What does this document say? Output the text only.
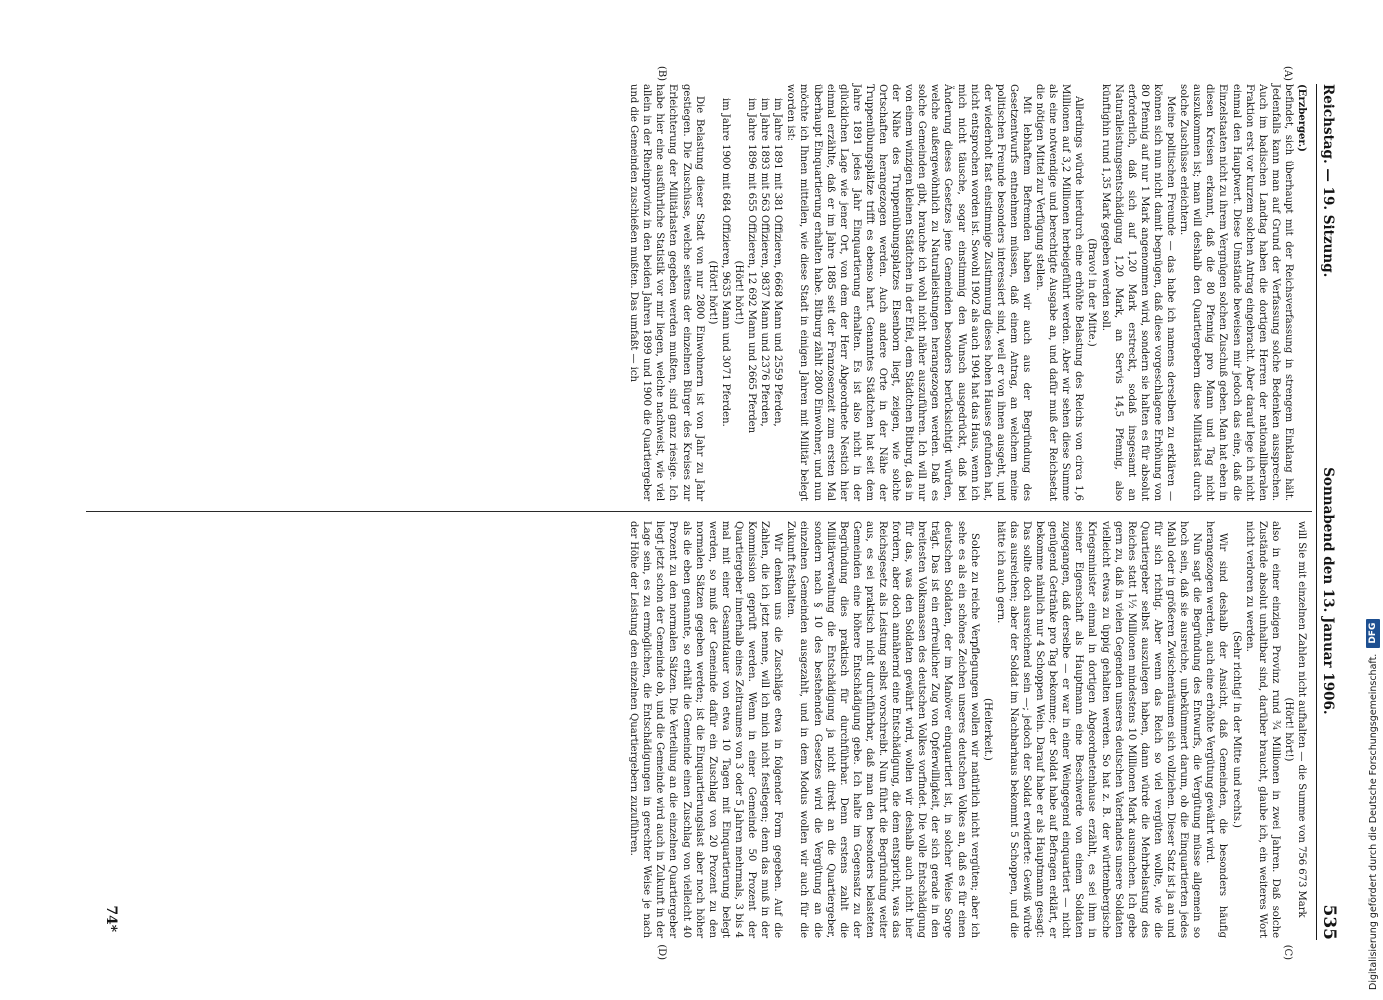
Reichstag. — 19. Sitzung.
Sonnabend den 13. Januar 1906.
535
(A)
(B)

(Erzberger.)

befindet, sich überhaupt mit der Reichsverfassung in strengem Einklang hält. Jedenfalls kann man auf Grund der Verfassung solche Bedenken aussprechen. Auch im badischen Landtag haben die dortigen Herren der nationalliberalen Fraktion erst vor kurzem solchen Antrag eingebracht. Aber darauf lege ich nicht einmal den Hauptwert. Diese Umstände beweisen mir jedoch das eine, daß die Einzelstaaten nicht zu ihrem Vergnügen solchen Zuschuß geben. Man hat eben in diesen Kreisen erkannt, daß die 80 Pfennig pro Mann und Tag nicht auszukommen ist; man will deshalb den Quartiergebern diese Militärlast durch solche Zuschüsse erleichtern.

Meine politischen Freunde — das habe ich namens derselben zu erklären — können sich nun nicht damit begnügen, daß diese vorgeschlagene Erhöhung von 80 Pfennig auf nur 1 Mark angenommen wird, sondern sie halten es für absolut erforderlich, daß sich auf 1,20 Mark erstreckt, sodaß insgesamt an Naturalleistungsentschädigung 1,20 Mark, an Servis 14,5 Pfennig, also künftighin rund 1,35 Mark gegeben werden soll.

(Bravo! in der Mitte.)

Allerdings würde hierdurch eine erhöhte Belastung des Reichs von circa 1,6 Millionen auf 3,2 Millionen herbeigeführt werden. Aber wir sehen diese Summe als eine notwendige und berechtigte Ausgabe an, und dafür muß der Reichsetat die nötigen Mittel zur Verfügung stellen.

Mit lebhaftem Befremden haben wir auch aus der Begründung des Gesetzentwurfs entnehmen müssen, daß einem Antrag, an welchem meine politischen Freunde besonders interessiert sind, weil er von ihnen ausgeht, und der wiederholt fast einstimmige Zustimmung dieses hohen Hauses gefunden hat, nicht entsprochen worden ist. Sowohl 1902 als auch 1904 hat das Haus, wenn ich mich nicht täusche, sogar einstimmig den Wunsch ausgedrückt, daß bei Änderung dieses Gesetzes jene Gemeinden besonders berücksichtigt würden, welche außergewöhnlich zu Naturalleistungen herangezogen werden. Daß es solche Gemeinden gibt, brauche ich wohl nicht näher auszuführen. Ich will nur von einem winzigen kleinen Städtchen in der Eifel, dem Städtchen Bitburg, das in der Nähe des Truppenübungsplatzes Elsenborn liegt, zeigen, wie solche Ortschaften herangezogen werden. Auch andere Orte in der Nähe der Truppenübungsplätze trifft es ebenso hart. Genanntes Städtchen hat seit dem Jahre 1891 jedes Jahr Einquartierung erhalten. Es ist also nicht in der glücklichen Lage wie jener Ort, von dem der Herr Abgeordnete Nestich hier einmal erzählte, daß er im Jahre 1885 seit der Franzosenzeit zum ersten Mal überhaupt Einquartierung erhalten habe. Bitburg zählt 2800 Einwohner, und nun möchte ich Ihnen mitteilen, wie diese Stadt in einigen Jahren mit Militär belegt worden ist:

im Jahre 1891 mit 381 Offizieren, 6668 Mann und 2559 Pferden,

im Jahre 1893 mit 563 Offizieren, 9837 Mann und 2376 Pferden,

im Jahre 1896 mit 655 Offizieren, 12 692 Mann und 2665 Pferden

(Hört! hört!)

im Jahre 1900 mit 684 Offizieren, 9635 Mann und 3071 Pferden.

(Hört! hört!)

Die Belastung dieser Stadt von nur 2800 Einwohnern ist von Jahr zu Jahr gestiegen. Die Zuschüsse, welche seitens der einzelnen Bürger des Kreises zur Erleichterung der Militärlasten gegeben werden mußten, sind ganz riesige. Ich habe hier eine ausführliche Statistik vor mir liegen, welche nachweist, wie viel allein in der Rheinprovinz in den beiden Jahren 1899 und 1900 die Quartiergeber und die Gemeinden zuschießen mußten. Das umfaßt — ich

(C)
(D)

will Sie mit einzelnen Zahlen nicht aufhalten — die Summe von 756 673 Mark

(Hört! hört!)

also in einer einzigen Provinz rund ¾ Millionen in zwei Jahren. Daß solche Zustände absolut unhaltbar sind, darüber braucht, glaube ich, ein weiteres Wort nicht verloren zu werden.

(Sehr richtig! in der Mitte und rechts.)

Wir sind deshalb der Ansicht, daß Gemeinden, die besonders häufig herangezogen werden, auch eine erhöhte Vergütung gewährt wird.

Nun sagt die Begründung des Entwurfs, die Vergütung müsse allgemein so hoch sein, daß sie ausreiche, unbekümmert darum, ob die Einquartierten jedes Mahl oder in größeren Zwischenräumen sich vollziehen. Dieser Satz ist ja an und für sich richtig. Aber wenn das Reich so viel vergüten wollte, wie die Quartiergeber selbst auszulegen haben, dann würde die Mehrbelastung des Reiches statt 1½ Millionen mindestens 10 Millionen Mark ausmachen. Ich gebe gern zu, daß in vielen Gegenden unseres deutschen Vaterlandes unsere Soldaten vielleicht etwas zu üppig gehalten werden. So hat z. B. der württembergische Kriegsminister einmal in dortigen Abgeordnetenhause erzählt, es sei ihm in seiner Eigenschaft als Hauptmann eine Beschwerde von einem Soldaten zugegangen, daß derselbe — er war in einer Weingegend einquartiert — nicht genügend Getränke pro Tag bekomme; der Soldat habe auf Befragen erklärt, er bekomme nämlich nur 4 Schoppen Wein. Darauf habe er als Hauptmann gesagt: Das sollte doch ausreichend sein —; jedoch der Soldat erwiderte: Gewiß würde das ausreichen; aber der Soldat im Nachbarhaus bekommt 5 Schoppen, und die hätte ich auch gern.

(Heiterkeit.)

Solche zu reiche Verpflegungen wollen wir natürlich nicht vergüten; aber ich sehe es als ein schönes Zeichen unseres deutschen Volkes an, daß es für einen deutschen Soldaten, der im Manöver einquartiert ist, in solcher Weise Sorge trägt. Das ist ein erfreulicher Zug von Opferwilligkeit, der sich gerade in den breitesten Volksmassen des deutschen Volkes vorfindet. Die volle Entschädigung für das, was den Soldaten gewährt wird, wollen wir deshalb auch nicht hier fordern, aber doch annähernd eine Entschädigung, die dem entspricht, was das Reichsgesetz als Leistung selbst vorschreibt. Nun führt die Begründung weiter aus, es sei praktisch nicht durchführbar, daß man den besonders belasteten Gemeinden eine höhere Entschädigung gebe. Ich halte im Gegensatz zu der Begründung dies praktisch für durchführbar. Denn erstens zahlt die Militärverwaltung die Entschädigung ja nicht direkt an die Quartiergeber, sondern nach § 10 des bestehenden Gesetzes wird die Vergütung an die einzelnen Gemeinden ausgezahlt, und in dem Modus wollen wir auch für die Zukunft festhalten.

Wir denken uns die Zuschläge etwa in folgender Form gegeben. Auf die Zahlen, die ich jetzt nenne, will ich mich nicht festlegen; denn das muß in der Kommission geprüft werden. Wenn in einer Gemeinde 50 Prozent der Quartiergeber innerhalb eines Zeitraumes von 3 oder 5 Jahren mehrmals, 3 bis 4 mal mit einer Gesamtdauer von etwa 10 Tagen mit Einquartierung belegt werden, so muß der Gemeinde dafür ein Zuschlag von 20 Prozent zu den normalen Sätzen gegeben werden; ist die Einquartierungslast aber noch höher als die eben genannte, so erhält die Gemeinde einen Zuschlag von vielleicht 40 Prozent zu den normalen Sätzen. Die Verteilung an die einzelnen Quartiergeber liegt jetzt schon der Gemeinde ob, und die Gemeinde wird auch in Zukunft in der Lage sein, es zu ermöglichen, die Entschädigungen in gerechter Weise je nach der Höhe der Leistung den einzelnen Quartiergebern zuzuführen.

74*	Digitalisierung gefördert durch die Deutsche Forschungsgemeinschaft.
DFG
